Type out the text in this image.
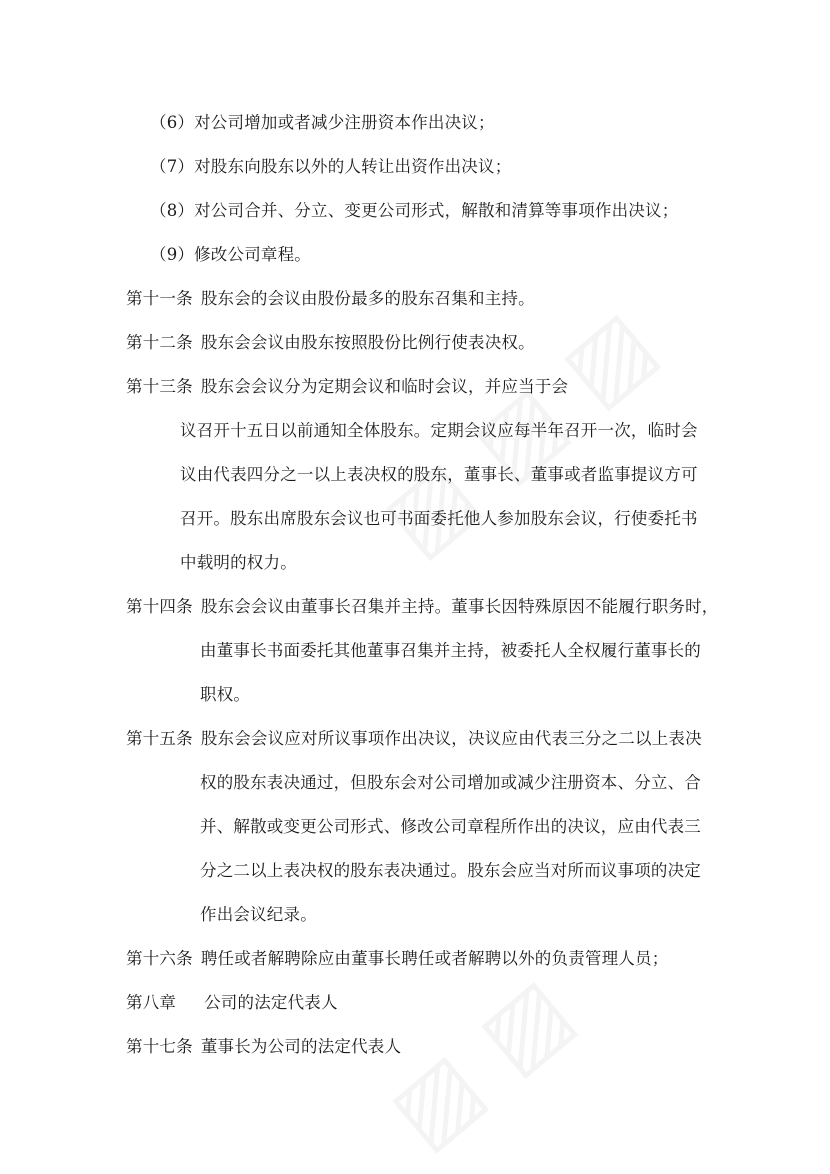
（6）对公司增加或者减少注册资本作出决议；
（7）对股东向股东以外的人转让出资作出决议；
（8）对公司合并、分立、变更公司形式，解散和清算等事项作出决议；
（9）修改公司章程。
第十一条 股东会的会议由股份最多的股东召集和主持。
第十二条 股东会会议由股东按照股份比例行使表决权。
第十三条 股东会会议分为定期会议和临时会议，并应当于会
议召开十五日以前通知全体股东。定期会议应每半年召开一次，临时会
议由代表四分之一以上表决权的股东，董事长、董事或者监事提议方可
召开。股东出席股东会议也可书面委托他人参加股东会议，行使委托书
中载明的权力。
第十四条 股东会会议由董事长召集并主持。董事长因特殊原因不能履行职务时，
由董事长书面委托其他董事召集并主持，被委托人全权履行董事长的
职权。
第十五条 股东会会议应对所议事项作出决议，决议应由代表三分之二以上表决
权的股东表决通过，但股东会对公司增加或减少注册资本、分立、合
并、解散或变更公司形式、修改公司章程所作出的决议，应由代表三
分之二以上表决权的股东表决通过。股东会应当对所而议事项的决定
作出会议纪录。
第十六条 聘任或者解聘除应由董事长聘任或者解聘以外的负责管理人员；
第八章 公司的法定代表人
第十七条 董事长为公司的法定代表人
